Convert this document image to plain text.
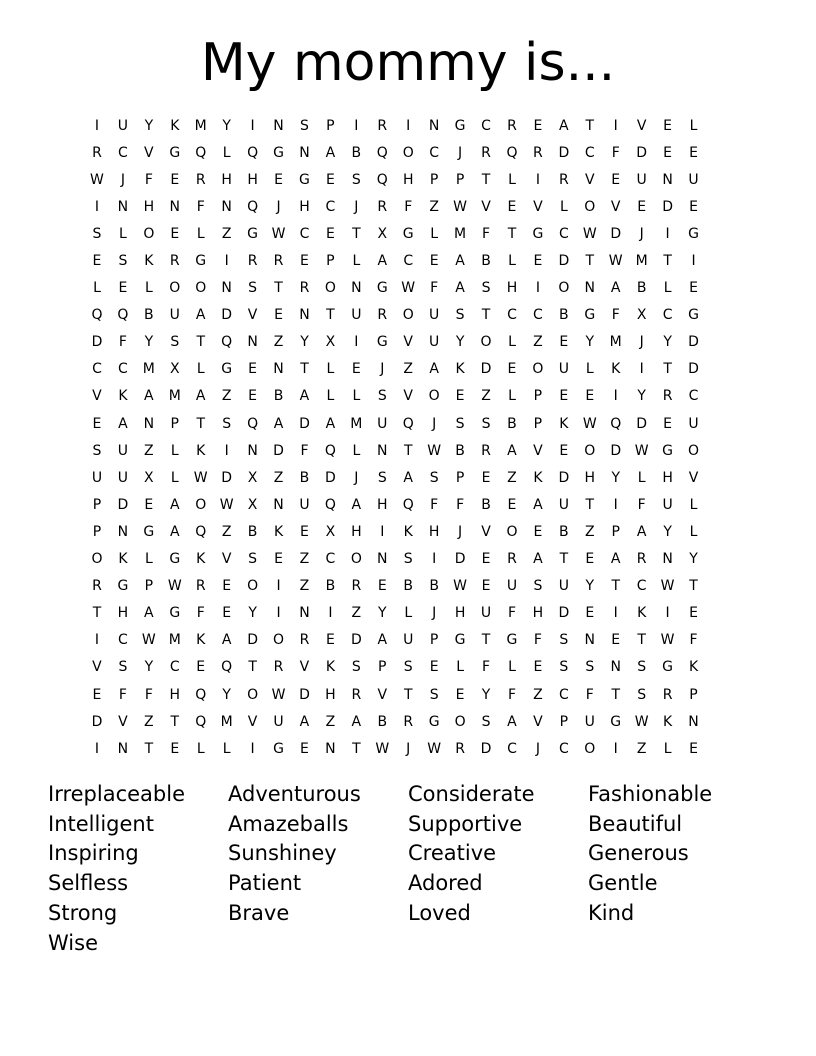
My mommy is...
I	U	Y	K	M	Y	I	N	S	P	I	R	I	N	G	C	R	E	A	T	I	V	E	L
R	C	V	G	Q	L	Q	G	N	A	B	Q	O	C	J	R	Q	R	D	C	F	D	E	E
W	J	F	E	R	H	H	E	G	E	S	Q	H	P	P	T	L	I	R	V	E	U	N	U
I	N	H	N	F	N	Q	J	H	C	J	R	F	Z	W	V	E	V	L	O	V	E	D	E
S	L	O	E	L	Z	G W	C	E	T	X	G	L	M	F	T	G	C	W D	J	I	G
E	S	K	R	G	I	R	R	E	P	L	A	C	E	A	B	L	E	D	T	W M	T	I
L	E	L	O	O	N	S	T	R	O	N	G W	F	A	S	H	I	O	N	A	B	L	E
Q	Q	B	U	A	D	V	E	N	T	U	R	O	U	S	T	C	C	B	G	F	X	C	G
D	F	Y	S	T	Q	N	Z	Y	X	I	G	V	U	Y	O	L	Z	E	Y	M	J	Y	D
C	C	M	X	L	G	E	N	T	L	E	J	Z	A	K	D	E	O	U	L	K	I	T	D
V	K	A	M	A	Z	E	B	A	L	L	S	V	O	E	Z	L	P	E	E	I	Y	R	C
E	A	N	P	T	S	Q	A	D	A	M	U	Q	J	S	S	B	P	K	W Q	D	E	U
S	U	Z	L	K	I	N	D	F	Q	L	N	T	W	B	R	A	V	E	O	D W G	O
U	U	X	L	W D	X	Z	B	D	J	S	A	S	P	E	Z	K	D	H	Y	L	H	V
P	D	E	A	O W	X	N	U	Q	A	H	Q	F	F	B	E	A	U	T	I	F	U	L
P	N	G	A	Q	Z	B	K	E	X	H	I	K	H	J	V	O	E	B	Z	P	A	Y	L
O	K	L	G	K	V	S	E	Z	C	O	N	S	I	D	E	R	A	T	E	A	R	N	Y
R	G	P	W	R	E	O	I	Z	B	R	E	B	B	W	E	U	S	U	Y	T	C	W	T
T	H	A	G	F	E	Y	I	N	I	Z	Y	L	J	H	U	F	H	D	E	I	K	I	E
I	C	W M	K	A	D	O	R	E	D	A	U	P	G	T	G	F	S	N	E	T	W	F
V	S	Y	C	E	Q	T	R	V	K	S	P	S	E	L	F	L	E	S	S	N	S	G	K
E	F	F	H	Q	Y	O W D	H	R	V	T	S	E	Y	F	Z	C	F	T	S	R	P
D	V	Z	T	Q	M	V	U	A	Z	A	B	R	G	O	S	A	V	P	U	G W	K	N
I	N	T	E	L	L	I	G	E	N	T	W	J	W	R	D	C	J	C	O	I	Z	L	E
Irreplaceable	Adventurous	Considerate	Fashionable
Intelligent	Amazeballs	Supportive	Beautiful
Inspiring	Sunshiney	Creative	Generous
Selfless	Patient	Adored	Gentle
Strong	Brave	Loved	Kind
Wise
